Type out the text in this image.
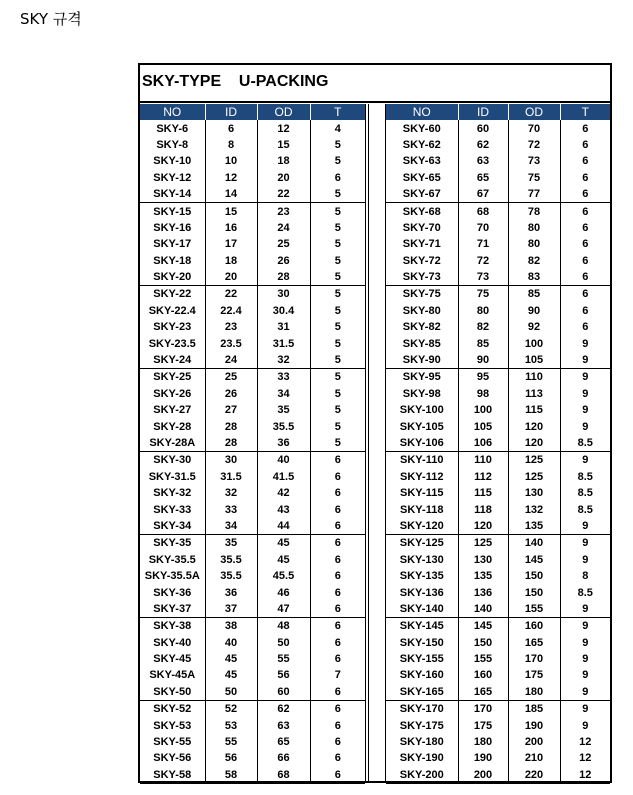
SKY 규격
SKY-TYPE    U-PACKING
NO	ID	OD	T
SKY-6	6	12	4
SKY-8	8	15	5
SKY-10	10	18	5
SKY-12	12	20	6
SKY-14	14	22	5
SKY-15	15	23	5
SKY-16	16	24	5
SKY-17	17	25	5
SKY-18	18	26	5
SKY-20	20	28	5
SKY-22	22	30	5
SKY-22.4	22.4	30.4	5
SKY-23	23	31	5
SKY-23.5	23.5	31.5	5
SKY-24	24	32	5
SKY-25	25	33	5
SKY-26	26	34	5
SKY-27	27	35	5
SKY-28	28	35.5	5
SKY-28A	28	36	5
SKY-30	30	40	6
SKY-31.5	31.5	41.5	6
SKY-32	32	42	6
SKY-33	33	43	6
SKY-34	34	44	6
SKY-35	35	45	6
SKY-35.5	35.5	45	6
SKY-35.5A	35.5	45.5	6
SKY-36	36	46	6
SKY-37	37	47	6
SKY-38	38	48	6
SKY-40	40	50	6
SKY-45	45	55	6
SKY-45A	45	56	7
SKY-50	50	60	6
SKY-52	52	62	6
SKY-53	53	63	6
SKY-55	55	65	6
SKY-56	56	66	6
SKY-58	58	68	6
NO	ID	OD	T
SKY-60	60	70	6
SKY-62	62	72	6
SKY-63	63	73	6
SKY-65	65	75	6
SKY-67	67	77	6
SKY-68	68	78	6
SKY-70	70	80	6
SKY-71	71	80	6
SKY-72	72	82	6
SKY-73	73	83	6
SKY-75	75	85	6
SKY-80	80	90	6
SKY-82	82	92	6
SKY-85	85	100	9
SKY-90	90	105	9
SKY-95	95	110	9
SKY-98	98	113	9
SKY-100	100	115	9
SKY-105	105	120	9
SKY-106	106	120	8.5
SKY-110	110	125	9
SKY-112	112	125	8.5
SKY-115	115	130	8.5
SKY-118	118	132	8.5
SKY-120	120	135	9
SKY-125	125	140	9
SKY-130	130	145	9
SKY-135	135	150	8
SKY-136	136	150	8.5
SKY-140	140	155	9
SKY-145	145	160	9
SKY-150	150	165	9
SKY-155	155	170	9
SKY-160	160	175	9
SKY-165	165	180	9
SKY-170	170	185	9
SKY-175	175	190	9
SKY-180	180	200	12
SKY-190	190	210	12
SKY-200	200	220	12
